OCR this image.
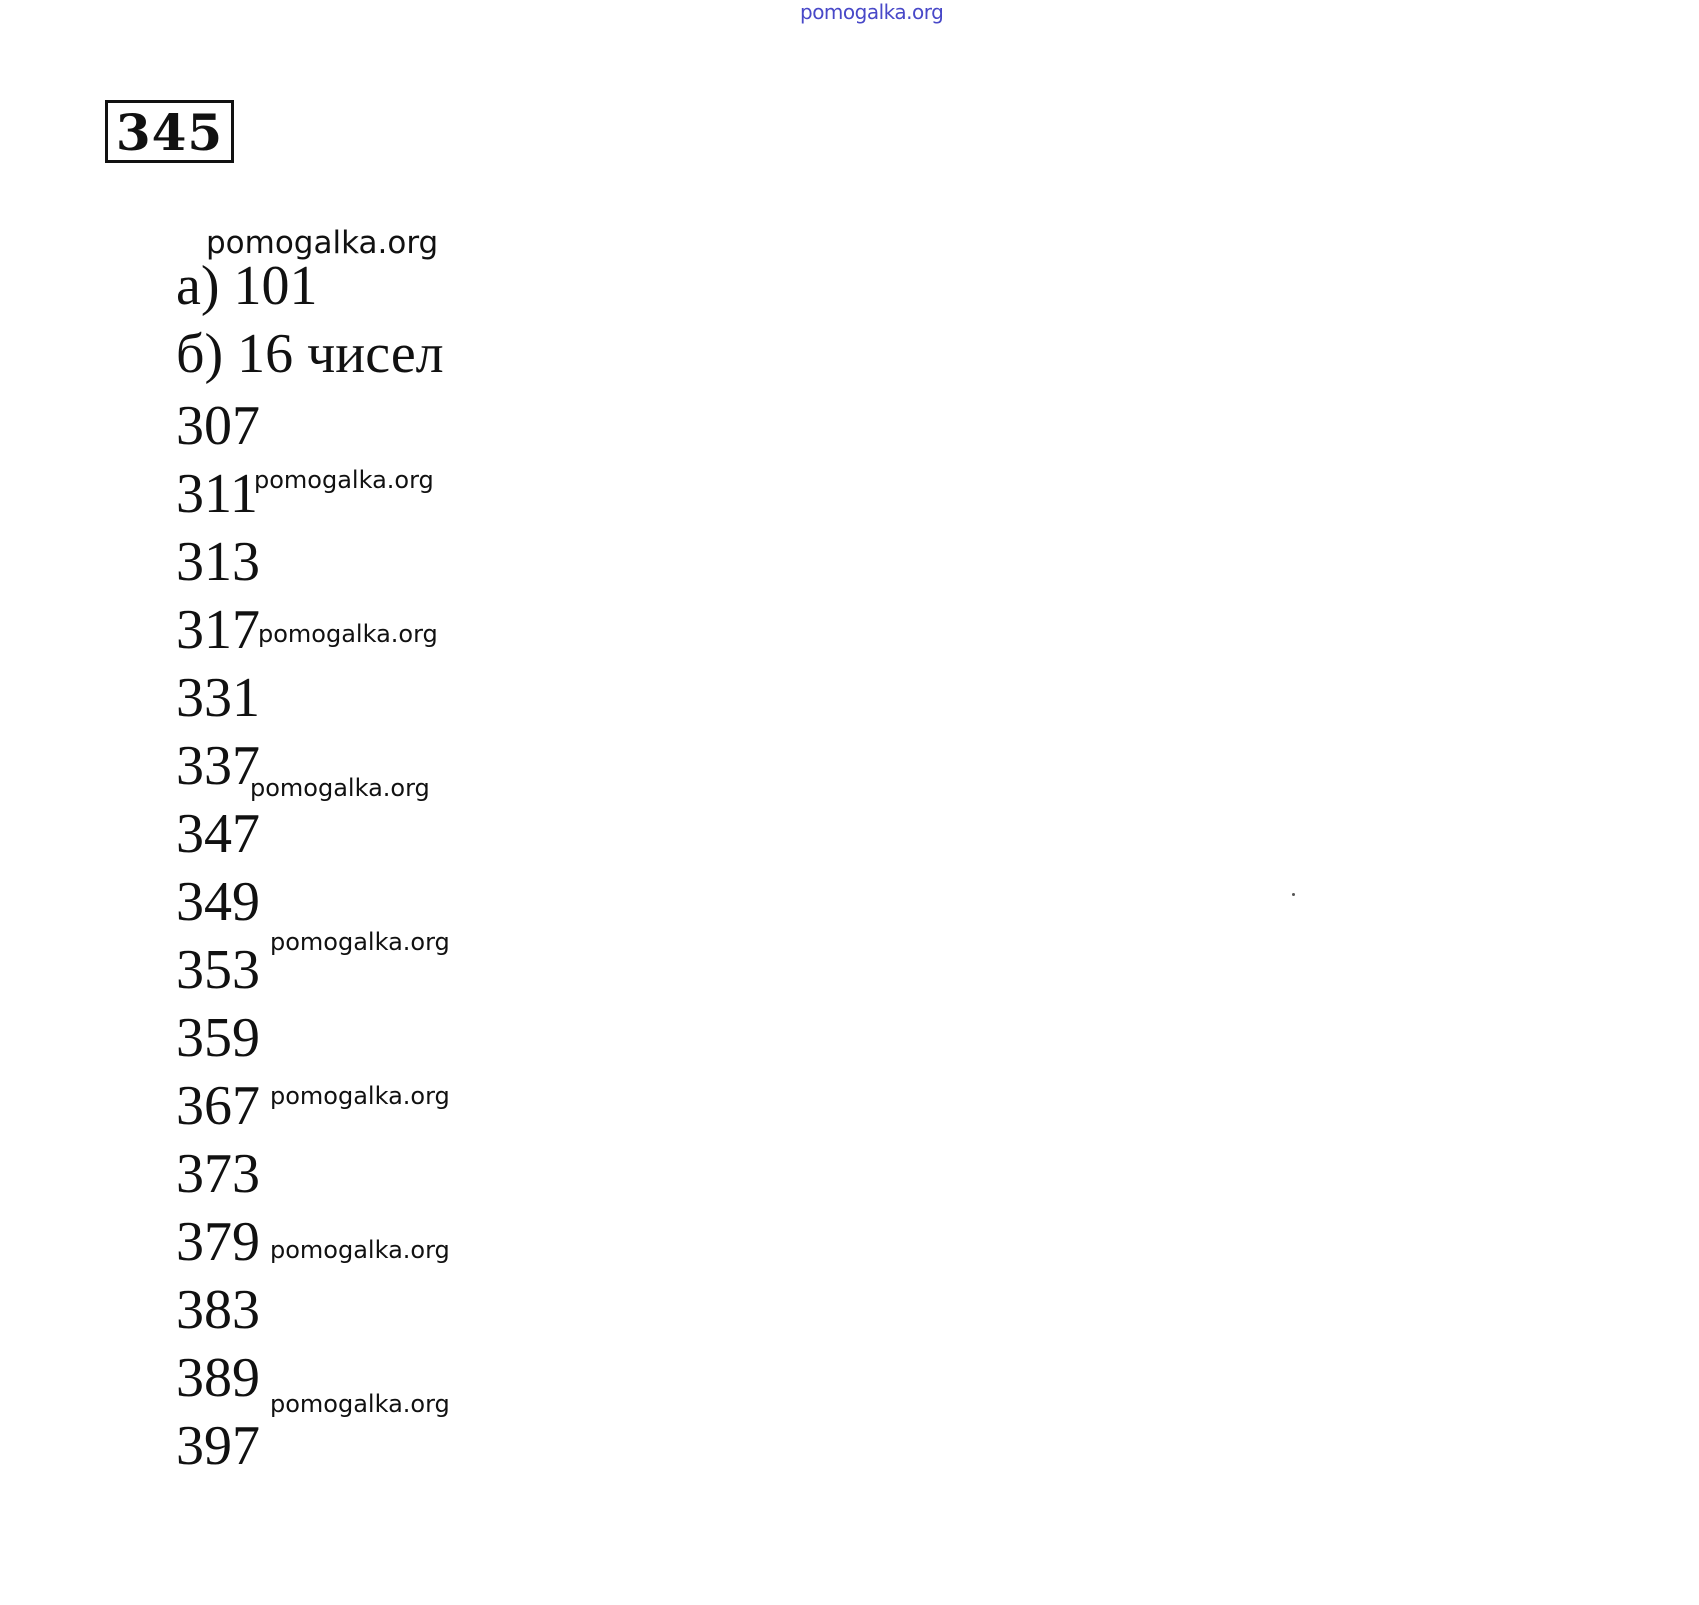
pomogalka.org
345
pomogalka.org
а) 101
б) 16 чисел
307
311
313
317
331
337
347
349
353
359
367
373
379
383
389
397
pomogalka.org
pomogalka.org
pomogalka.org
pomogalka.org
pomogalka.org
pomogalka.org
pomogalka.org
